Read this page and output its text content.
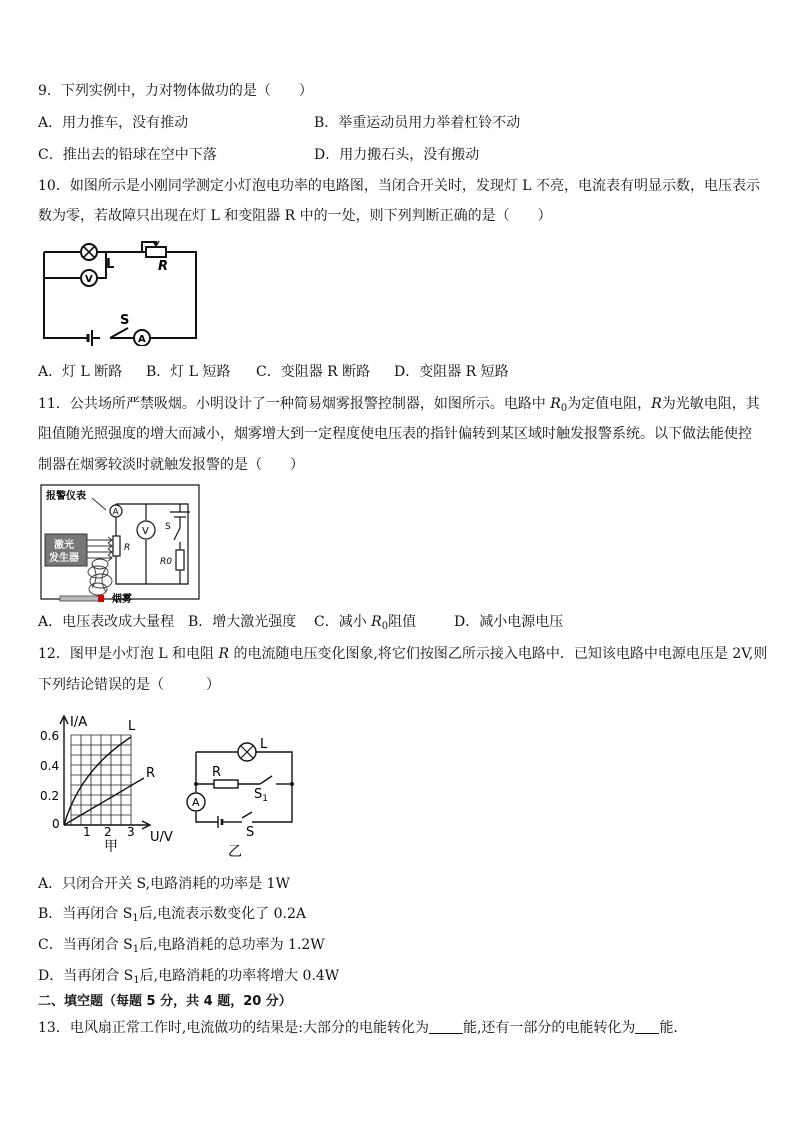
9．下列实例中，力对物体做功的是（　　）
A．用力推车，没有推动	B．举重运动员用力举着杠铃不动
C．推出去的铅球在空中下落	D．用力搬石头，没有搬动
10．如图所示是小刚同学测定小灯泡电功率的电路图，当闭合开关时，发现灯 L 不亮，电流表有明显示数，电压表示
数为零，若故障只出现在灯 L 和变阻器 R 中的一处，则下列判断正确的是（　　）
L	R
V
S
A
A．灯 L 断路 B．灯 L 短路 C．变阻器 R 断路 D．变阻器 R 短路
11．公共场所严禁吸烟。小明设计了一种简易烟雾报警控制器，如图所示。电路中 $R_0$为定值电阻，R为光敏电阻，其
阻值随光照强度的增大而减小，烟雾增大到一定程度使电压表的指针偏转到某区域时触发报警系统。以下做法能使控
制器在烟雾较淡时就触发报警的是（　　）
报警仪表
激光
发生器
烟雾
A
V S
R
R0
A．电压表改成大量程 B．增大激光强度 C．减小 $R_0$阻值	D．减小电源电压
12．图甲是小灯泡 L 和电阻 R 的电流随电压变化图象,将它们按图乙所示接入电路中．已知该电路中电源电压是 2V,则
下列结论错误的是（　　　）
I/A
0.6
0.4
0.2
0
1 2 3 U/V
L
R
甲
L
R
A
$S_1$
S
乙
A．只闭合开关 S,电路消耗的功率是 1W
B．当再闭合 $S_1$后,电流表示数变化了 0.2A
C．当再闭合 $S_1$后,电路消耗的总功率为 1.2W
D．当再闭合 $S_1$后,电路消耗的功率将增大 0.4W
二、填空题（每题 5 分，共 4 题，20 分）
13．电风扇正常工作时,电流做功的结果是:大部分的电能转化为 能,还有一部分的电能转化为 能.
